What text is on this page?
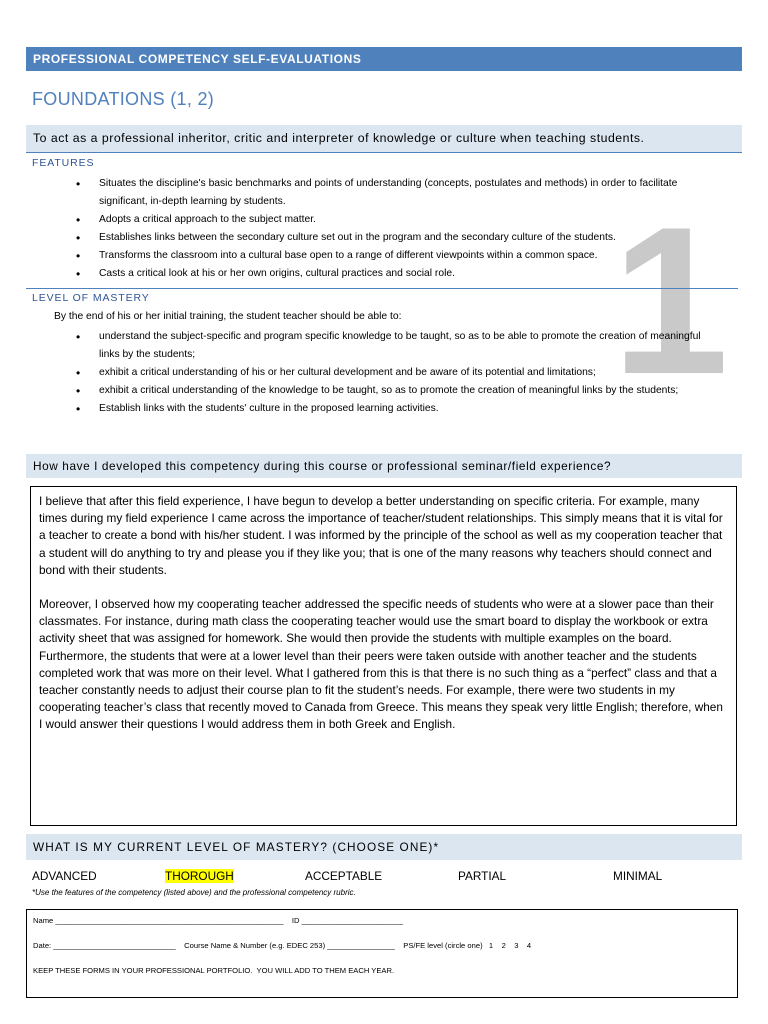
PROFESSIONAL COMPETENCY SELF-EVALUATIONS
FOUNDATIONS (1, 2)
To act as a professional inheritor, critic and interpreter of knowledge or culture when teaching students.
1
FEATURES
• Situates the discipline's basic benchmarks and points of understanding (concepts, postulates and methods) in order to facilitate significant, in-depth learning by students.
• Adopts a critical approach to the subject matter.
• Establishes links between the secondary culture set out in the program and the secondary culture of the students.
• Transforms the classroom into a cultural base open to a range of different viewpoints within a common space.
• Casts a critical look at his or her own origins, cultural practices and social role.
LEVEL OF MASTERY
By the end of his or her initial training, the student teacher should be able to:
• understand the subject-specific and program specific knowledge to be taught, so as to be able to promote the creation of meaningful links by the students;
• exhibit a critical understanding of his or her cultural development and be aware of its potential and limitations;
• exhibit a critical understanding of the knowledge to be taught, so as to promote the creation of meaningful links by the students;
• Establish links with the students' culture in the proposed learning activities.
How have I developed this competency during this course or professional seminar/field experience?

I believe that after this field experience, I have begun to develop a better understanding on specific criteria. For example, many times during my field experience I came across the importance of teacher/student relationships. This simply means that it is vital for a teacher to create a bond with his/her student. I was informed by the principle of the school as well as my cooperation teacher that a student will do anything to try and please you if they like you; that is one of the many reasons why teachers should connect and bond with their students.

Moreover, I observed how my cooperating teacher addressed the specific needs of students who were at a slower pace than their classmates. For instance, during math class the cooperating teacher would use the smart board to display the workbook or extra activity sheet that was assigned for homework. She would then provide the students with multiple examples on the board. Furthermore, the students that were at a lower level than their peers were taken outside with another teacher and the students completed work that was more on their level. What I gathered from this is that there is no such thing as a “perfect” class and that a teacher constantly needs to adjust their course plan to fit the student’s needs. For example, there were two students in my cooperating teacher’s class that recently moved to Canada from Greece. This means they speak very little English; therefore, when I would answer their questions I would address them in both Greek and English.

WHAT IS MY CURRENT LEVEL OF MASTERY? (CHOOSE ONE)*
ADVANCED	THOROUGH	ACCEPTABLE	PARTIAL	MINIMAL
*Use the features of the competency (listed above) and the professional competency rubric.
Name ______________________________________________________    ID ________________________
Date: _____________________________    Course Name & Number (e.g. EDEC 253) ________________    PS/FE level (circle one)   1    2    3    4
KEEP THESE FORMS IN YOUR PROFESSIONAL PORTFOLIO.  YOU WILL ADD TO THEM EACH YEAR.
